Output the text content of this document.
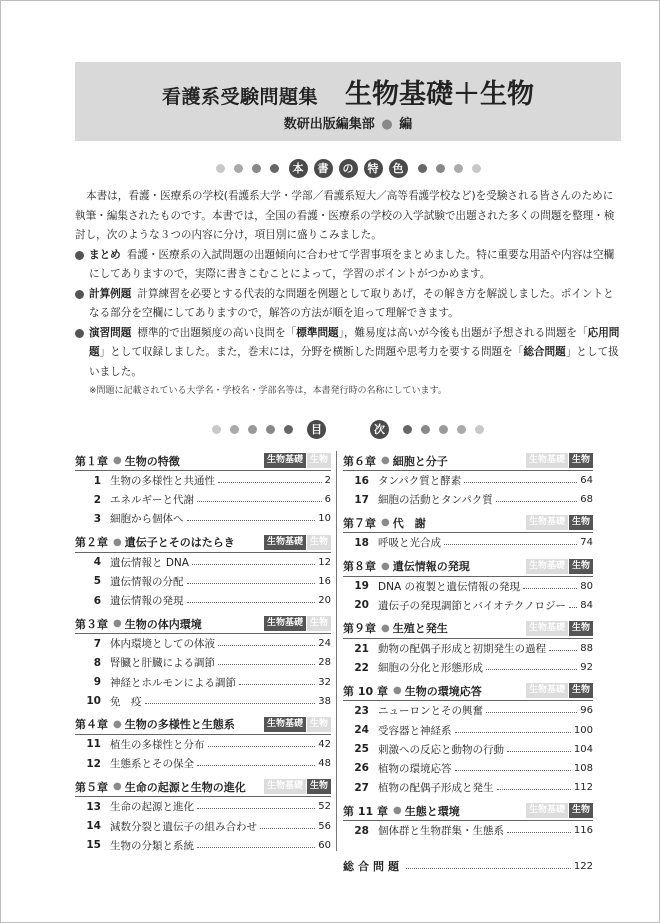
看護系受験問題集 生物基礎＋生物
数研出版編集部 ● 編
本	書	の	特	色

本書は，看護・医療系の学校(看護系大学・学部／看護系短大／高等看護学校など)を受験される皆さんのために執筆・編集されたものです。本書では，全国の看護・医療系の学校の入学試験で出題された多くの問題を整理・検討し，次のような３つの内容に分け，項目別に盛りこみました。

まとめ 看護・医療系の入試問題の出題傾向に合わせて学習事項をまとめました。特に重要な用語や内容は空欄にしてありますので，実際に書きこむことによって，学習のポイントがつかめます。

計算例題 計算練習を必要とする代表的な問題を例題として取りあげ，その解き方を解説しました。ポイントとなる部分を空欄にしてありますので，解答の方法が順を追って理解できます。

演習問題 標準的で出題頻度の高い良問を「標準問題」，難易度は高いが今後も出題が予想される問題を「応用問題」として収録しました。また，巻末には，分野を横断した問題や思考力を要する問題を「総合問題」として扱いました。

※問題に記載されている大学名・学校名・学部名等は，本書発行時の名称にしています。

目	次
第１章 ● 生物の特徴	生物基礎 生物
1 生物の多様性と共通性	2
2 エネルギーと代謝	6
3 細胞から個体へ	10
第２章 ● 遺伝子とそのはたらき	生物基礎 生物
4 遺伝情報と DNA	12
5 遺伝情報の分配	16
6 遺伝情報の発現	20
第３章 ● 生物の体内環境	生物基礎 生物
7 体内環境としての体液	24
8 腎臓と肝臓による調節	28
9 神経とホルモンによる調節	32
10 免　疫	38
第４章 ● 生物の多様性と生態系	生物基礎 生物
11 植生の多様性と分布	42
12 生態系とその保全	48
第５章 ● 生命の起源と生物の進化	生物基礎 生物
13 生命の起源と進化	52
14 減数分裂と遺伝子の組み合わせ	56
15 生物の分類と系統	60
第６章 ● 細胞と分子	生物基礎 生物
16 タンパク質と酵素	64
17 細胞の活動とタンパク質	68
第７章 ● 代　謝	生物基礎 生物
18 呼吸と光合成	74
第８章 ● 遺伝情報の発現	生物基礎 生物
19 DNA の複製と遺伝情報の発現	80
20 遺伝子の発現調節とバイオテクノロジー 84
第９章 ● 生殖と発生	生物基礎 生物
21 動物の配偶子形成と初期発生の過程	88
22 細胞の分化と形態形成	92
第 10 章 ● 生物の環境応答	生物基礎 生物
23 ニューロンとその興奮	96
24 受容器と神経系	100
25 刺激への反応と動物の行動	104
26 植物の環境応答	108
27 植物の配偶子形成と発生	112
第 11 章 ● 生態と環境	生物基礎 生物
28 個体群と生物群集・生態系	116
総合問題	122
